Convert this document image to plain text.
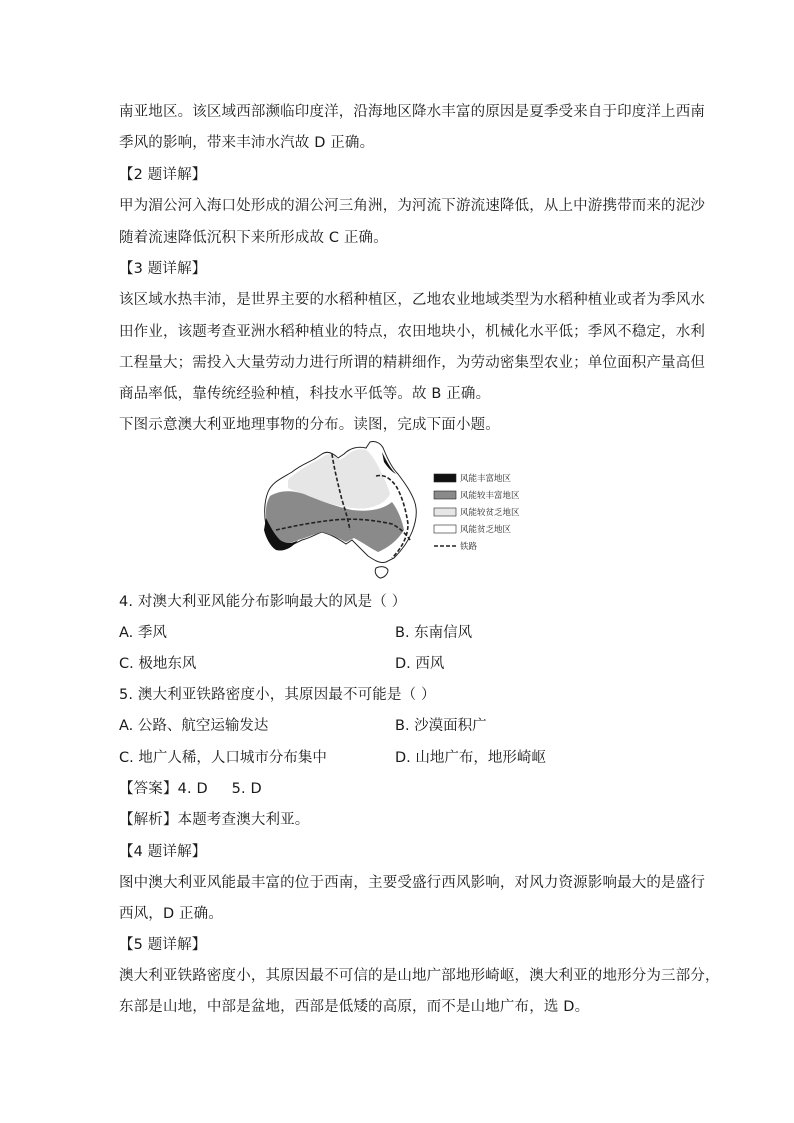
南亚地区。该区域西部濒临印度洋，沿海地区降水丰富的原因是夏季受来自于印度洋上西南
季风的影响，带来丰沛水汽故 D 正确。
【2 题详解】
甲为湄公河入海口处形成的湄公河三角洲，为河流下游流速降低，从上中游携带而来的泥沙
随着流速降低沉积下来所形成故 C 正确。
【3 题详解】
该区域水热丰沛，是世界主要的水稻种植区，乙地农业地域类型为水稻种植业或者为季风水
田作业，该题考查亚洲水稻种植业的特点，农田地块小，机械化水平低；季风不稳定，水利
工程量大；需投入大量劳动力进行所谓的精耕细作，为劳动密集型农业；单位面积产量高但
商品率低，靠传统经验种植，科技水平低等。故 B 正确。
下图示意澳大利亚地理事物的分布。读图，完成下面小题。
风能丰富地区
风能较丰富地区
风能较贫乏地区
风能贫乏地区
铁路
4. 对澳大利亚风能分布影响最大的风是（ ）
A. 季风	B. 东南信风
C. 极地东风	D. 西风
5. 澳大利亚铁路密度小，其原因最不可能是（ ）
A. 公路、航空运输发达	B. 沙漠面积广
C. 地广人稀，人口城市分布集中	D. 山地广布，地形崎岖
【答案】4. D     5. D
【解析】本题考查澳大利亚。
【4 题详解】
图中澳大利亚风能最丰富的位于西南，主要受盛行西风影响，对风力资源影响最大的是盛行
西风，D 正确。
【5 题详解】
澳大利亚铁路密度小，其原因最不可信的是山地广部地形崎岖，澳大利亚的地形分为三部分，
东部是山地，中部是盆地，西部是低矮的高原，而不是山地广布，选 D。
